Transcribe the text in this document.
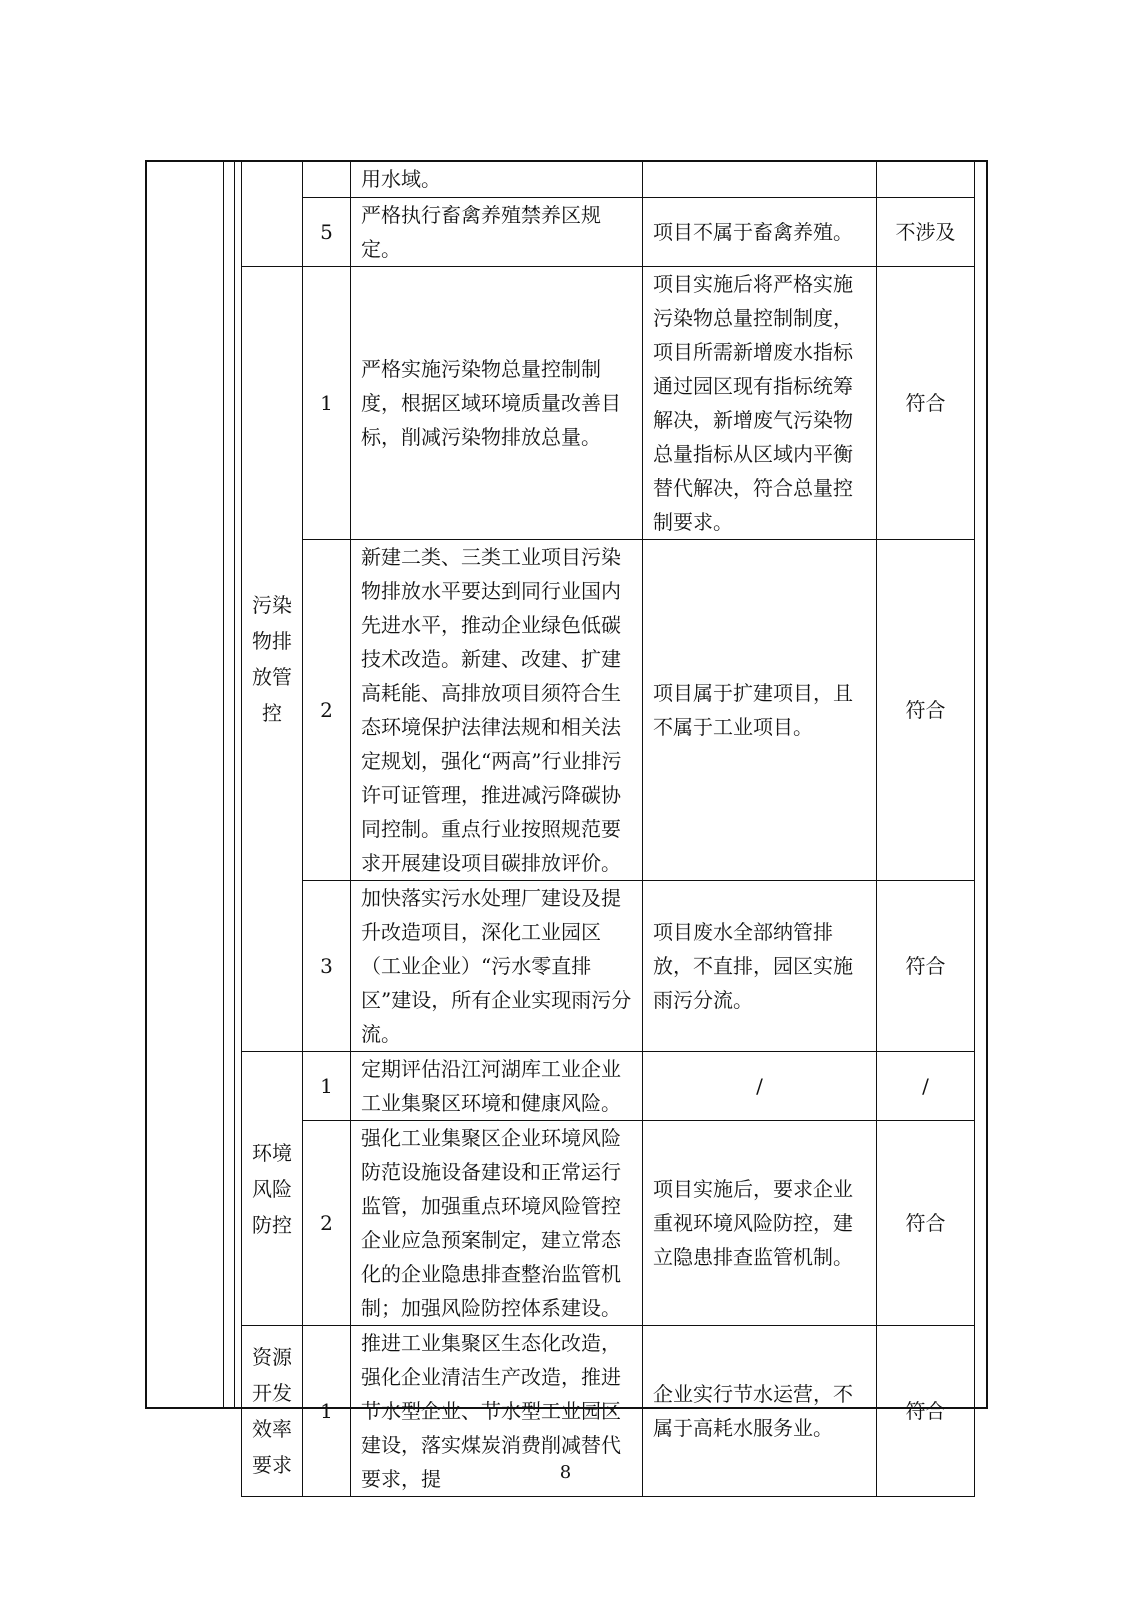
		用水域。		
	5	严格执行畜禽养殖禁养区规定。	项目不属于畜禽养殖。	不涉及
污染物排放管控	1	严格实施污染物总量控制制度，根据区域环境质量改善目标，削减污染物排放总量。	项目实施后将严格实施污染物总量控制制度，项目所需新增废水指标通过园区现有指标统筹解决，新增废气污染物总量指标从区域内平衡替代解决，符合总量控制要求。	符合
	2	新建二类、三类工业项目污染物排放水平要达到同行业国内先进水平，推动企业绿色低碳技术改造。新建、改建、扩建高耗能、高排放项目须符合生态环境保护法律法规和相关法定规划，强化“两高”行业排污许可证管理，推进减污降碳协同控制。重点行业按照规范要求开展建设项目碳排放评价。	项目属于扩建项目，且不属于工业项目。	符合
	3	加快落实污水处理厂建设及提升改造项目，深化工业园区（工业企业）“污水零直排区”建设，所有企业实现雨污分流。	项目废水全部纳管排放，不直排，园区实施雨污分流。	符合
环境风险防控	1	定期评估沿江河湖库工业企业工业集聚区环境和健康风险。	/	/
	2	强化工业集聚区企业环境风险防范设施设备建设和正常运行监管，加强重点环境风险管控企业应急预案制定，建立常态化的企业隐患排查整治监管机制；加强风险防控体系建设。	项目实施后，要求企业重视环境风险防控，建立隐患排查监管机制。	符合
资源开发效率要求	1	推进工业集聚区生态化改造，强化企业清洁生产改造，推进节水型企业、节水型工业园区建设，落实煤炭消费削减替代要求，提	企业实行节水运营，不属于高耗水服务业。	符合
8
